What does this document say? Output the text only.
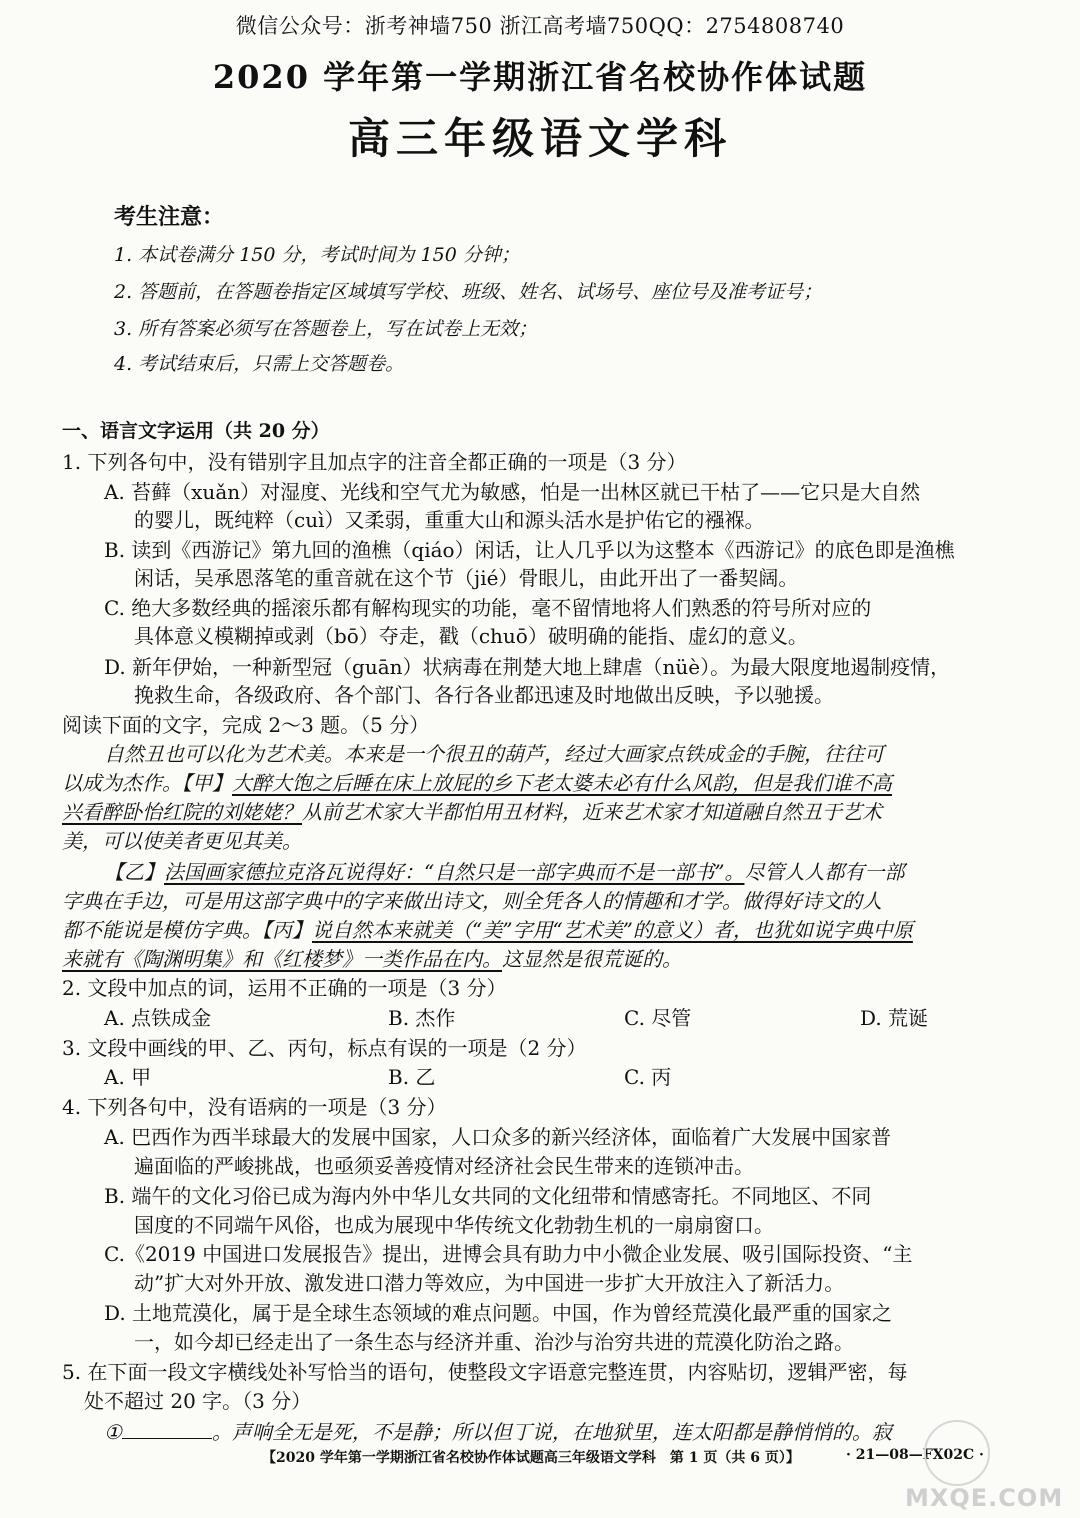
微信公众号：浙考神墙750 浙江高考墙750QQ：2754808740
2020 学年第一学期浙江省名校协作体试题
高三年级语文学科
考生注意：
1. 本试卷满分 150 分，考试时间为 150 分钟；
2. 答题前，在答题卷指定区域填写学校、班级、姓名、试场号、座位号及准考证号；
3. 所有答案必须写在答题卷上，写在试卷上无效；
4. 考试结束后，只需上交答题卷。
一、语言文字运用（共 20 分）
1. 下列各句中，没有错别字且加点字的注音全都正确的一项是（3 分）
A. 苔藓（xuǎn）对湿度、光线和空气尤为敏感，怕是一出林区就已干枯了——它只是大自然
的婴儿，既纯粹（cuì）又柔弱，重重大山和源头活水是护佑它的襁褓。
B. 读到《西游记》第九回的渔樵（qiáo）闲话，让人几乎以为这整本《西游记》的底色即是渔樵
闲话，吴承恩落笔的重音就在这个节（jié）骨眼儿，由此开出了一番契阔。
C. 绝大多数经典的摇滚乐都有解构现实的功能，毫不留情地将人们熟悉的符号所对应的
具体意义模糊掉或剥（bō）夺走，戳（chuō）破明确的能指、虚幻的意义。
D. 新年伊始，一种新型冠（guān）状病毒在荆楚大地上肆虐（nüè）。为最大限度地遏制疫情，
挽救生命，各级政府、各个部门、各行各业都迅速及时地做出反映，予以驰援。
阅读下面的文字，完成 2～3 题。（5 分）
自然丑也可以化为艺术美。本来是一个很丑的葫芦，经过大画家点铁成金的手腕，往往可
以成为杰作。【甲】大醉大饱之后睡在床上放屁的乡下老太婆未必有什么风韵，但是我们谁不高
兴看醉卧怡红院的刘姥姥？从前艺术家大半都怕用丑材料，近来艺术家才知道融自然丑于艺术
美，可以使美者更见其美。
【乙】法国画家德拉克洛瓦说得好：“自然只是一部字典而不是一部书”。尽管人人都有一部
字典在手边，可是用这部字典中的字来做出诗文，则全凭各人的情趣和才学。做得好诗文的人
都不能说是模仿字典。【丙】说自然本来就美（“美”字用“艺术美”的意义）者，也犹如说字典中原
来就有《陶渊明集》和《红楼梦》一类作品在内。这显然是很荒诞的。
2. 文段中加点的词，运用不正确的一项是（3 分）
A. 点铁成金	B. 杰作	C. 尽管	D. 荒诞
3. 文段中画线的甲、乙、丙句，标点有误的一项是（2 分）
A. 甲	B. 乙	C. 丙
4. 下列各句中，没有语病的一项是（3 分）
A. 巴西作为西半球最大的发展中国家，人口众多的新兴经济体，面临着广大发展中国家普
遍面临的严峻挑战，也亟须妥善疫情对经济社会民生带来的连锁冲击。
B. 端午的文化习俗已成为海内外中华儿女共同的文化纽带和情感寄托。不同地区、不同
国度的不同端午风俗，也成为展现中华传统文化勃勃生机的一扇扇窗口。
C.《2019 中国进口发展报告》提出，进博会具有助力中小微企业发展、吸引国际投资、“主
动”扩大对外开放、激发进口潜力等效应，为中国进一步扩大开放注入了新活力。
D. 土地荒漠化，属于是全球生态领域的难点问题。中国，作为曾经荒漠化最严重的国家之
一，如今却已经走出了一条生态与经济并重、治沙与治穷共进的荒漠化防治之路。
5. 在下面一段文字横线处补写恰当的语句，使整段文字语意完整连贯，内容贴切，逻辑严密，每
处不超过 20 字。（3 分）
①	。声响全无是死，不是静；所以但丁说，在地狱里，连太阳都是静悄悄的。寂
【2020 学年第一学期浙江省名校协作体试题高三年级语文学科　第 1 页（共 6 页）】	· 21—08—FX02C ·
MXQE.COM
